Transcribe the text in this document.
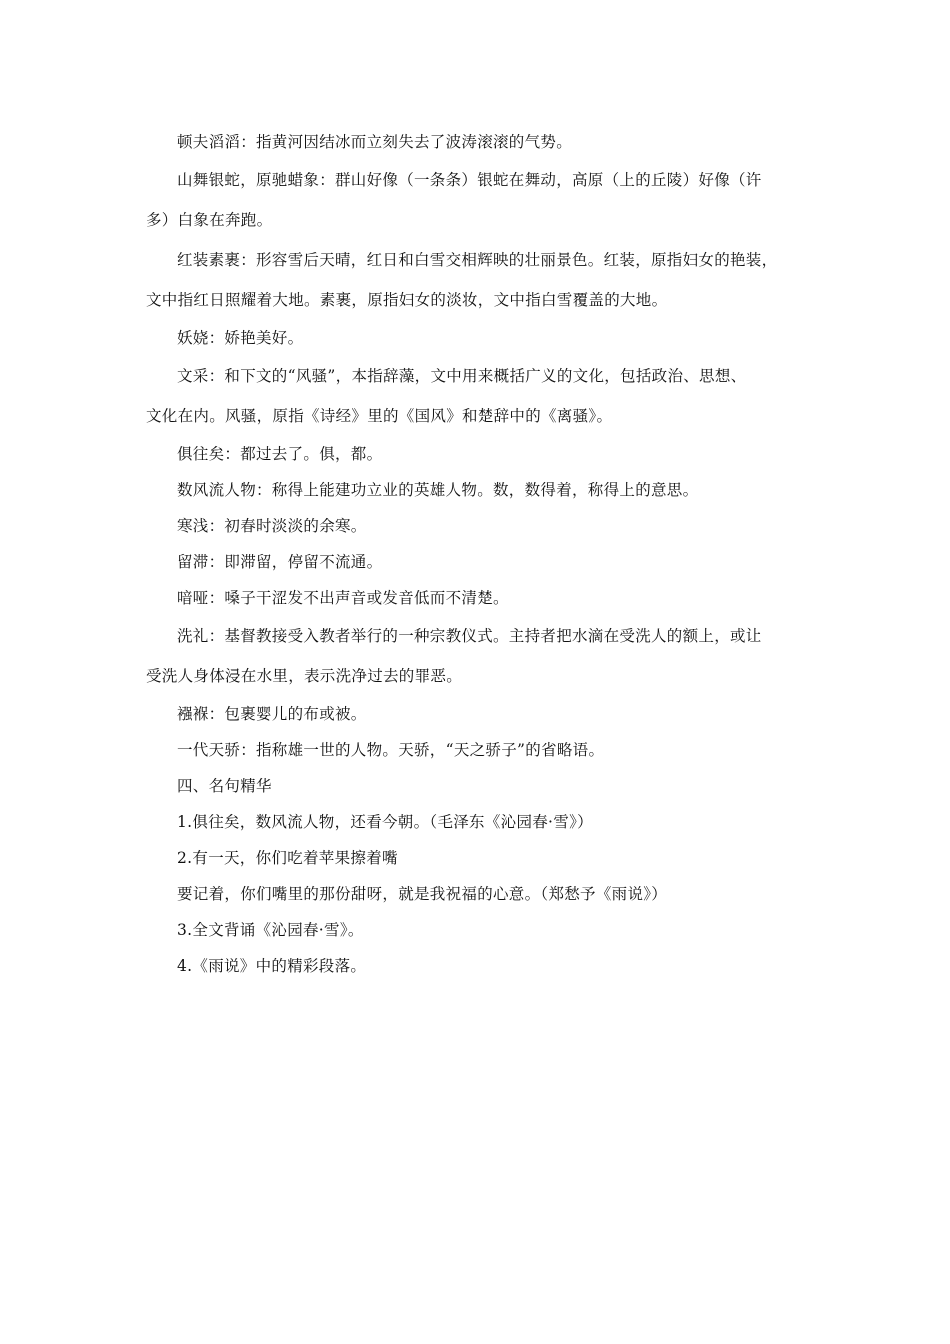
顿夫滔滔：指黄河因结冰而立刻失去了波涛滚滚的气势。

山舞银蛇，原驰蜡象：群山好像（一条条）银蛇在舞动，高原（上的丘陵）好像（许

多）白象在奔跑。

红装素裹：形容雪后天晴，红日和白雪交相辉映的壮丽景色。红装，原指妇女的艳装，

文中指红日照耀着大地。素裹，原指妇女的淡妆，文中指白雪覆盖的大地。

妖娆：娇艳美好。

文采：和下文的“风骚”，本指辞藻，文中用来概括广义的文化，包括政治、思想、

文化在内。风骚，原指《诗经》里的《国风》和楚辞中的《离骚》。

俱往矣：都过去了。俱，都。

数风流人物：称得上能建功立业的英雄人物。数，数得着，称得上的意思。

寒浅：初春时淡淡的余寒。

留滞：即滞留，停留不流通。

喑哑：嗓子干涩发不出声音或发音低而不清楚。

洗礼：基督教接受入教者举行的一种宗教仪式。主持者把水滴在受洗人的额上，或让

受洗人身体浸在水里，表示洗净过去的罪恶。

襁褓：包裹婴儿的布或被。

一代天骄：指称雄一世的人物。天骄，“天之骄子”的省略语。

四、名句精华

1.俱往矣，数风流人物，还看今朝。（毛泽东《沁园春·雪》）

2.有一天，你们吃着苹果擦着嘴

要记着，你们嘴里的那份甜呀，就是我祝福的心意。（郑愁予《雨说》）

3.全文背诵《沁园春·雪》。

4.《雨说》中的精彩段落。
